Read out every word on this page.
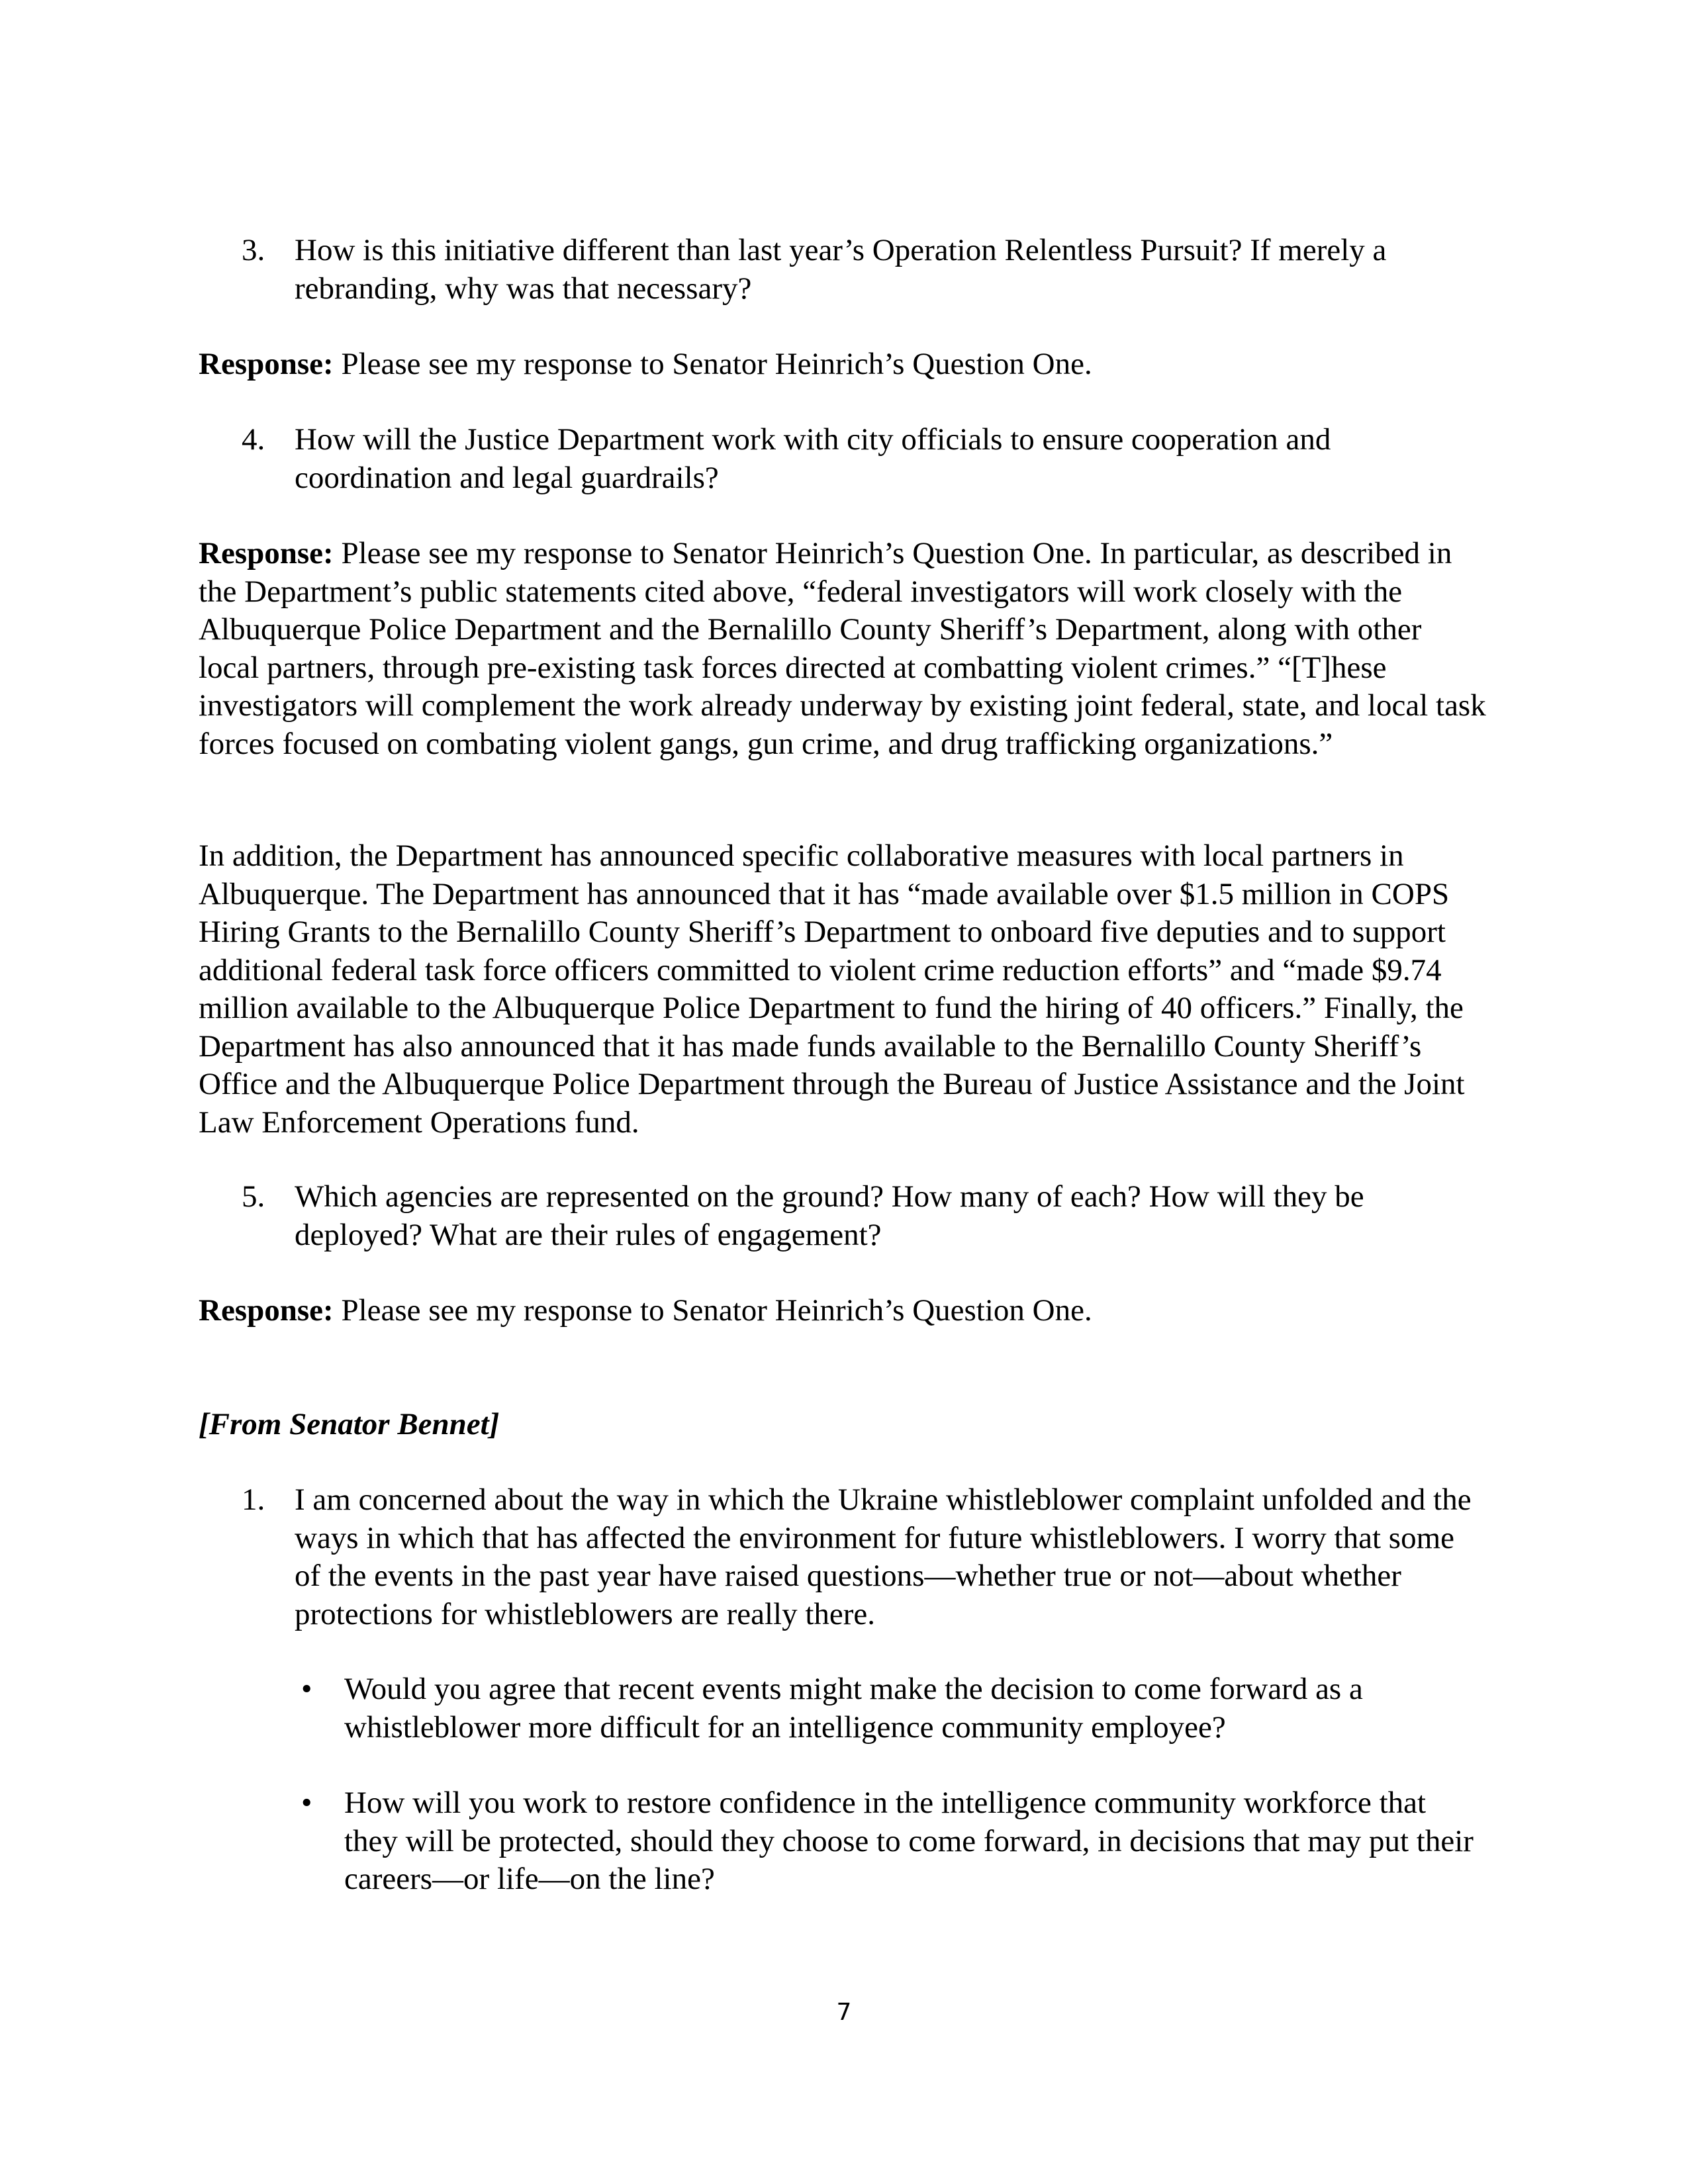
3. How is this initiative different than last year’s Operation Relentless Pursuit? If merely a rebranding, why was that necessary?
Response: Please see my response to Senator Heinrich’s Question One.
4. How will the Justice Department work with city officials to ensure cooperation and coordination and legal guardrails?
Response: Please see my response to Senator Heinrich’s Question One. In particular, as described in the Department’s public statements cited above, “federal investigators will work closely with the Albuquerque Police Department and the Bernalillo County Sheriff’s Department, along with other local partners, through pre-existing task forces directed at combatting violent crimes.” “[T]hese investigators will complement the work already underway by existing joint federal, state, and local task forces focused on combating violent gangs, gun crime, and drug trafficking organizations.”
In addition, the Department has announced specific collaborative measures with local partners in Albuquerque. The Department has announced that it has “made available over $1.5 million in COPS Hiring Grants to the Bernalillo County Sheriff’s Department to onboard five deputies and to support additional federal task force officers committed to violent crime reduction efforts” and “made $9.74 million available to the Albuquerque Police Department to fund the hiring of 40 officers.” Finally, the Department has also announced that it has made funds available to the Bernalillo County Sheriff’s Office and the Albuquerque Police Department through the Bureau of Justice Assistance and the Joint Law Enforcement Operations fund.
5. Which agencies are represented on the ground? How many of each? How will they be deployed? What are their rules of engagement?
Response: Please see my response to Senator Heinrich’s Question One.
[From Senator Bennet]
1. I am concerned about the way in which the Ukraine whistleblower complaint unfolded and the ways in which that has affected the environment for future whistleblowers. I worry that some of the events in the past year have raised questions—whether true or not—about whether protections for whistleblowers are really there.
• Would you agree that recent events might make the decision to come forward as a whistleblower more difficult for an intelligence community employee?
• How will you work to restore confidence in the intelligence community workforce that they will be protected, should they choose to come forward, in decisions that may put their careers—or life—on the line?
7
